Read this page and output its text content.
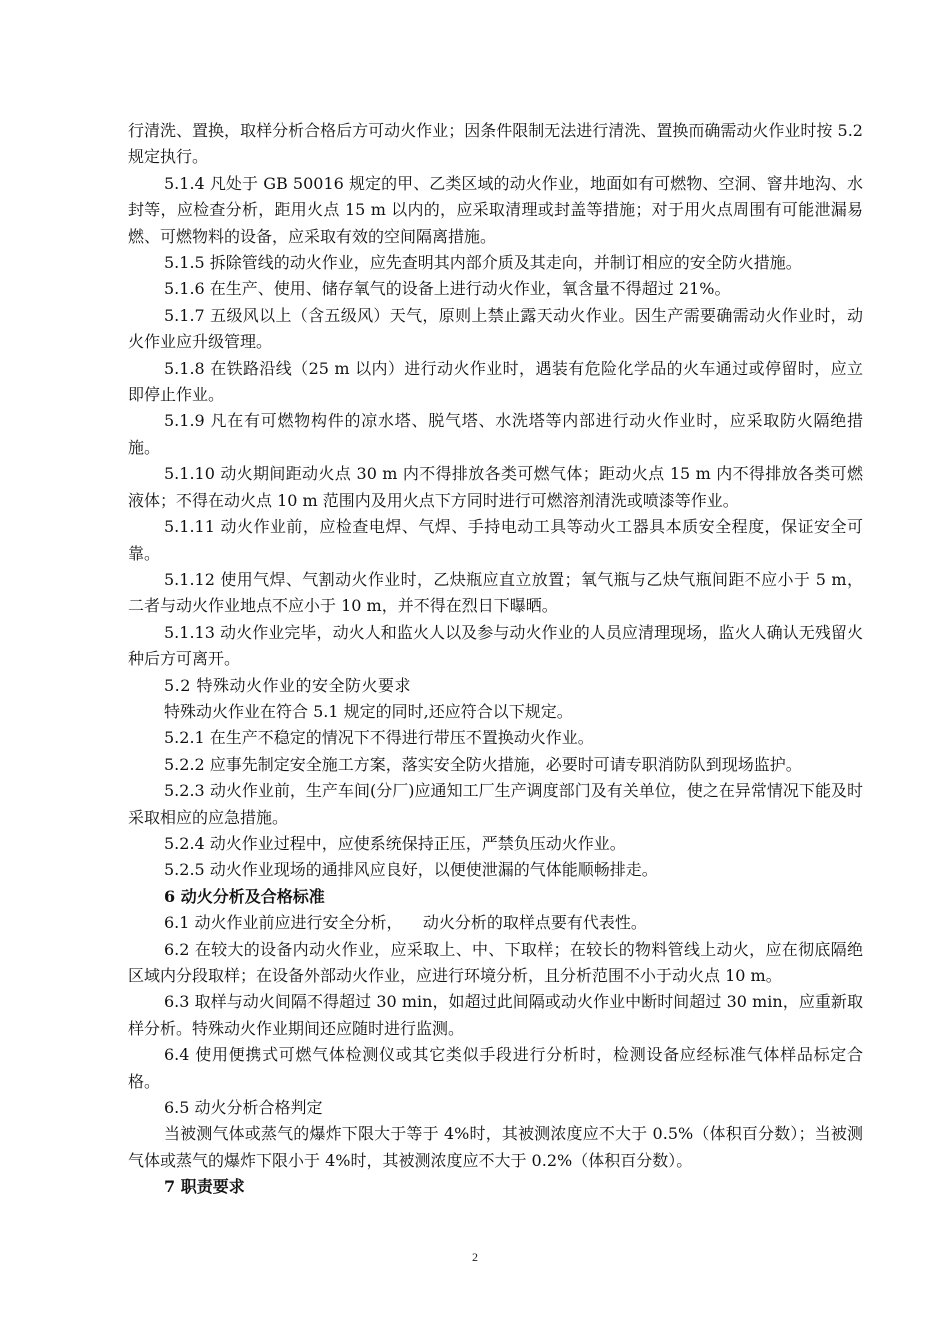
行清洗、置换，取样分析合格后方可动火作业；因条件限制无法进行清洗、置换而确需动火作业时按 5.2 规定执行。

5.1.4 凡处于 GB 50016 规定的甲、乙类区域的动火作业，地面如有可燃物、空洞、窨井地沟、水封等，应检查分析，距用火点 15 m 以内的，应采取清理或封盖等措施；对于用火点周围有可能泄漏易燃、可燃物料的设备，应采取有效的空间隔离措施。

5.1.5 拆除管线的动火作业，应先查明其内部介质及其走向，并制订相应的安全防火措施。

5.1.6 在生产、使用、储存氧气的设备上进行动火作业，氧含量不得超过 21%。

5.1.7 五级风以上（含五级风）天气，原则上禁止露天动火作业。因生产需要确需动火作业时，动火作业应升级管理。

5.1.8 在铁路沿线（25 m 以内）进行动火作业时，遇装有危险化学品的火车通过或停留时，应立即停止作业。

5.1.9 凡在有可燃物构件的凉水塔、脱气塔、水洗塔等内部进行动火作业时，应采取防火隔绝措施。

5.1.10 动火期间距动火点 30 m 内不得排放各类可燃气体；距动火点 15 m 内不得排放各类可燃液体；不得在动火点 10 m 范围内及用火点下方同时进行可燃溶剂清洗或喷漆等作业。

5.1.11 动火作业前，应检查电焊、气焊、手持电动工具等动火工器具本质安全程度，保证安全可靠。

5.1.12 使用气焊、气割动火作业时，乙炔瓶应直立放置；氧气瓶与乙炔气瓶间距不应小于 5 m，二者与动火作业地点不应小于 10 m，并不得在烈日下曝晒。

5.1.13 动火作业完毕，动火人和监火人以及参与动火作业的人员应清理现场，监火人确认无残留火种后方可离开。

5.2 特殊动火作业的安全防火要求

特殊动火作业在符合 5.1 规定的同时,还应符合以下规定。

5.2.1 在生产不稳定的情况下不得进行带压不置换动火作业。

5.2.2 应事先制定安全施工方案，落实安全防火措施，必要时可请专职消防队到现场监护。

5.2.3 动火作业前，生产车间(分厂)应通知工厂生产调度部门及有关单位，使之在异常情况下能及时采取相应的应急措施。

5.2.4 动火作业过程中，应使系统保持正压，严禁负压动火作业。

5.2.5 动火作业现场的通排风应良好，以便使泄漏的气体能顺畅排走。

6 动火分析及合格标准

6.1 动火作业前应进行安全分析，    动火分析的取样点要有代表性。

6.2 在较大的设备内动火作业，应采取上、中、下取样；在较长的物料管线上动火，应在彻底隔绝区域内分段取样；在设备外部动火作业，应进行环境分析，且分析范围不小于动火点 10 m。

6.3 取样与动火间隔不得超过 30 min，如超过此间隔或动火作业中断时间超过 30 min，应重新取样分析。特殊动火作业期间还应随时进行监测。

6.4 使用便携式可燃气体检测仪或其它类似手段进行分析时，检测设备应经标准气体样品标定合格。

6.5 动火分析合格判定

当被测气体或蒸气的爆炸下限大于等于 4%时，其被测浓度应不大于 0.5%（体积百分数）；当被测气体或蒸气的爆炸下限小于 4%时，其被测浓度应不大于 0.2%（体积百分数）。

7 职责要求

2
